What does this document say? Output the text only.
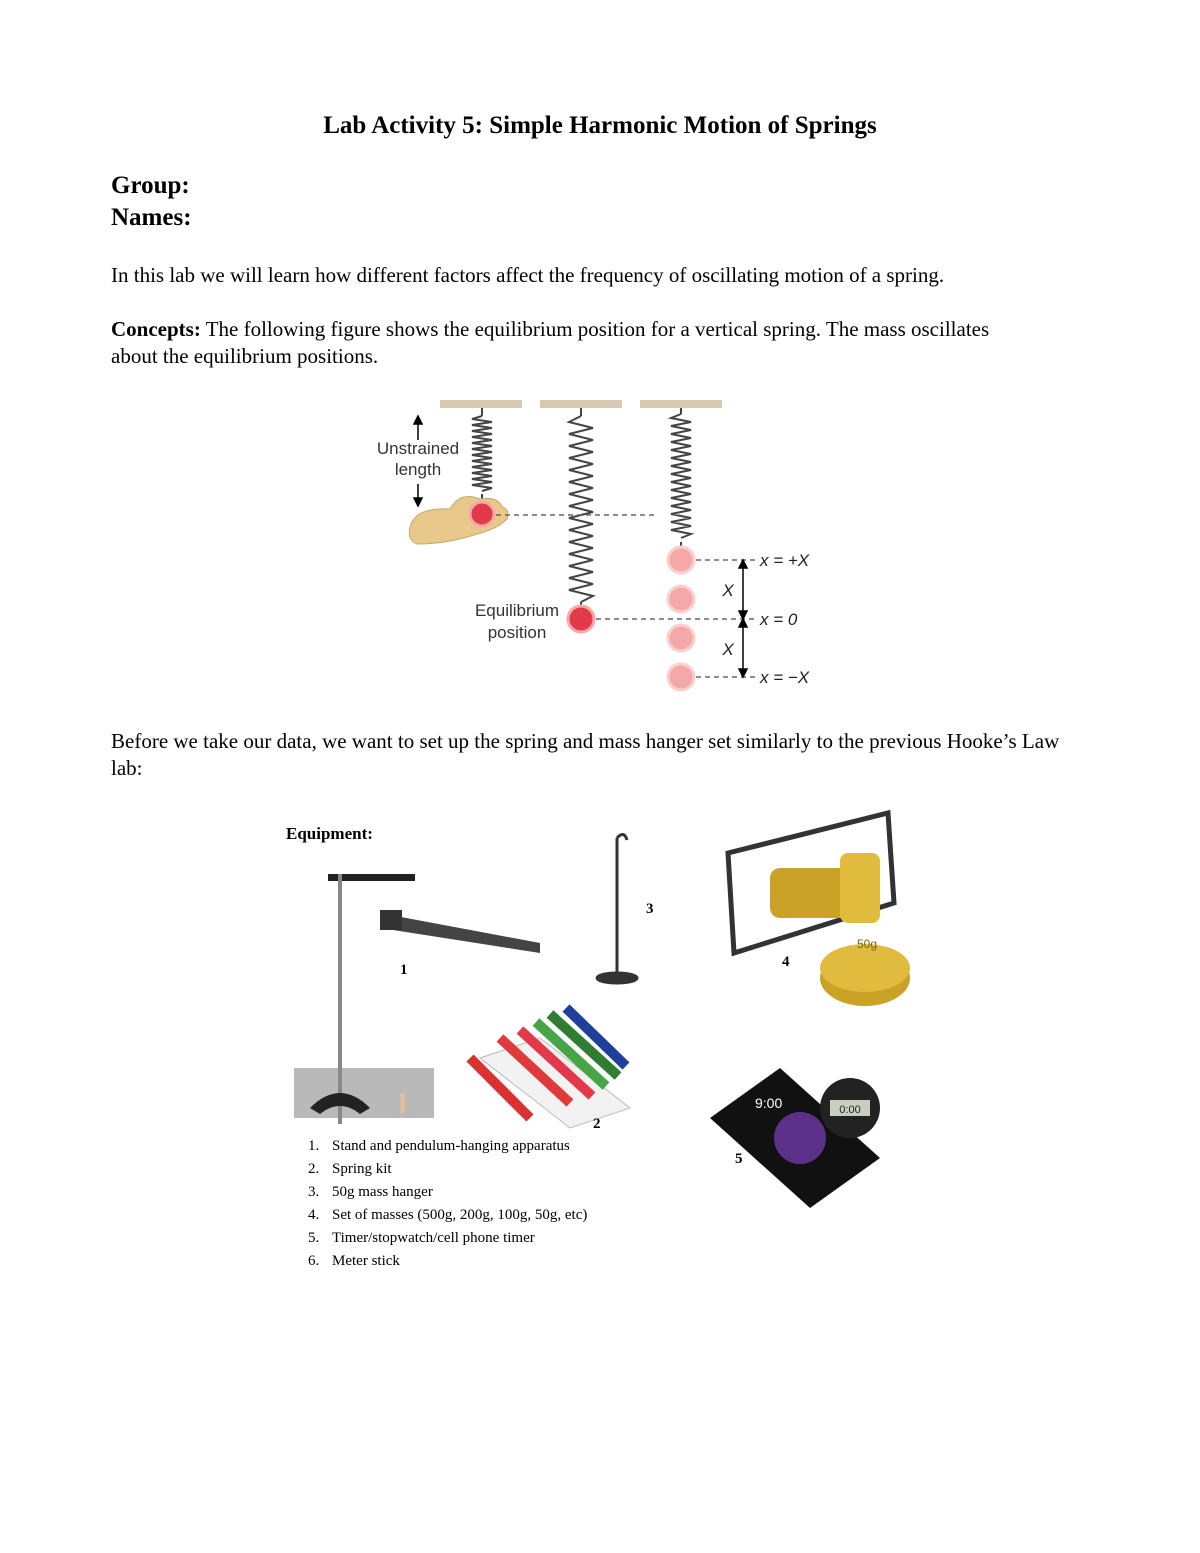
Lab Activity 5: Simple Harmonic Motion of Springs
Group:
Names:
In this lab we will learn how different factors affect the frequency of oscillating motion of a spring.
Concepts: The following figure shows the equilibrium position for a vertical spring. The mass oscillates about the equilibrium positions.
Unstrained
length
Equilibrium
position
X
X
x = +X
x = 0
x = −X
Before we take our data, we want to set up the spring and mass hanger set similarly to the previous Hooke’s Law lab:
Equipment:
1
3
50g
4
2
9:00	0:00
5
1. Stand and pendulum-hanging apparatus
2. Spring kit
3. 50g mass hanger
4. Set of masses (500g, 200g, 100g, 50g, etc)
5. Timer/stopwatch/cell phone timer
6. Meter stick
